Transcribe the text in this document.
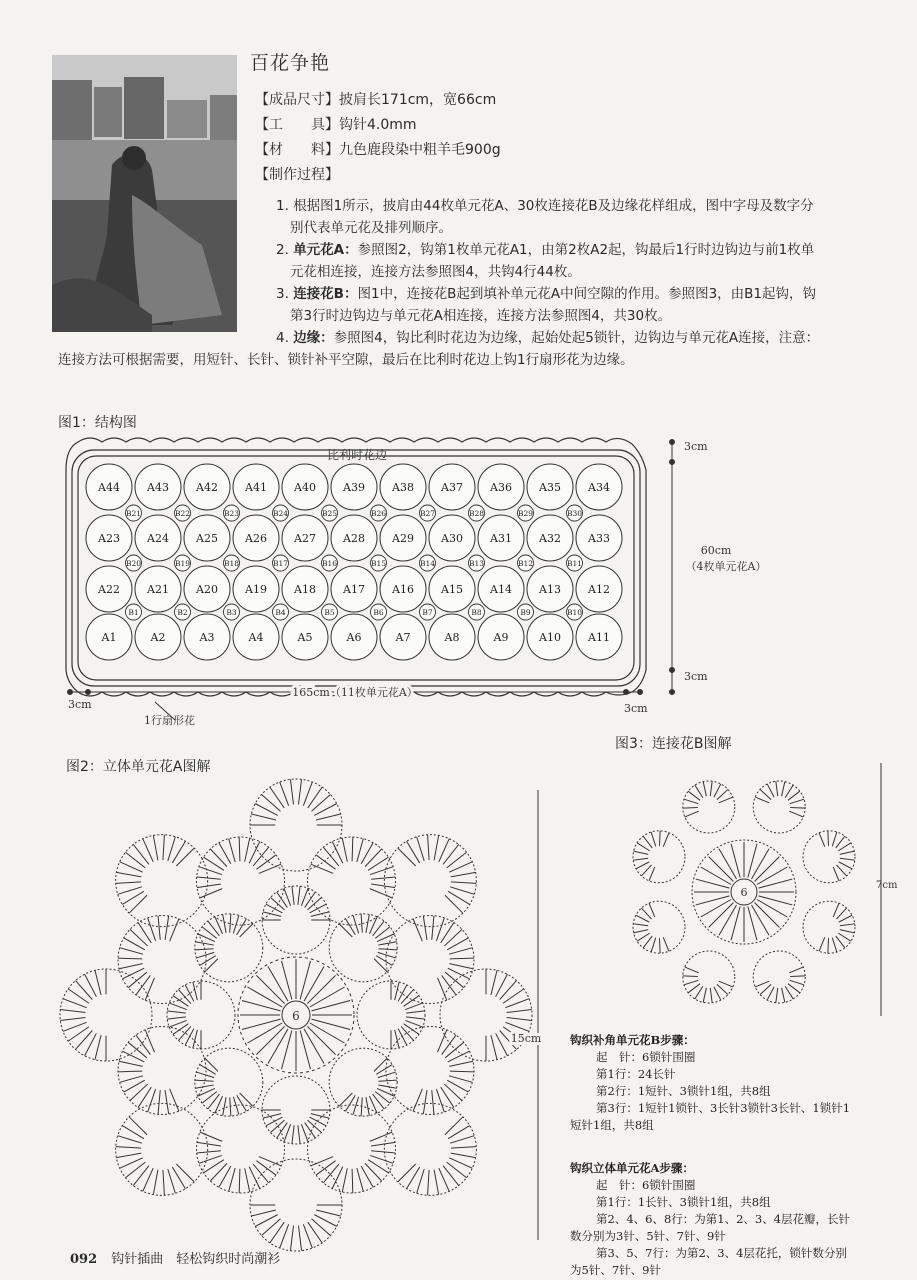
百花争艳
【成品尺寸】披肩长171cm，宽66cm
【工　　具】钩针4.0mm
【材　　料】九色鹿段染中粗羊毛900g
【制作过程】

1. 根据图1所示，披肩由44枚单元花A、30枚连接花B及边缘花样组成，图中字母及数字分

别代表单元花及排列顺序。

2. 单元花A：参照图2，钩第1枚单元花A1，由第2枚A2起，钩最后1行时边钩边与前1枚单

元花相连接，连接方法参照图4，共钩4行44枚。

3. 连接花B：图1中，连接花B起到填补单元花A中间空隙的作用。参照图3，由B1起钩，钩

第3行时边钩边与单元花A相连接，连接方法参照图4，共30枚。

4. 边缘：参照图4，钩比利时花边为边缘，起始处起5锁针，边钩边与单元花A连接，注意：

连接方法可根据需要，用短针、长针、锁针补平空隙，最后在比利时花边上钩1行扇形花为边缘。

图1：结构图
比利时花边
A44 A43 A42 A41 A40 A39 A38 A37 A36 A35 A34
A23 A24 A25 A26 A27 A28 A29 A30 A31 A32 A33
A22 A21 A20 A19 A18 A17 A16 A15 A14 A13 A12
A1	A2	A3	A4	A5	A6	A7	A8	A9	A10 A11
B21	B22	B23	B24	B25	B26	B27	B28	B29	B30
B20	B19	B18	B17	B16	B15	B14	B13	B12	B11
B1	B2	B3	B4	B5	B6	B7	B8	B9	B10
3cm
60cm
（4枚单元花A）
3cm
165cm（11枚单元花A）
3cm	3cm
1行扇形花
图2：立体单元花A图解
图3：连接花B图解
6
15cm
6
7cm

钩织补角单元花B步骤：

起　针：6锁针围圈

第1行：24长针

第2行：1短针、3锁针1组，共8组

第3行：1短针1锁针、3长针3锁针3长针、1锁针1

短针1组，共8组

钩织立体单元花A步骤：

起　针：6锁针围圈

第1行：1长针、3锁针1组，共8组

第2、4、6、8行：为第1、2、3、4层花瓣，长针

数分别为3针、5针、7针、9针

第3、5、7行：为第2、3、4层花托，锁针数分别

为5针、7针、9针

092 钩针插曲　轻松钩织时尚潮衫
